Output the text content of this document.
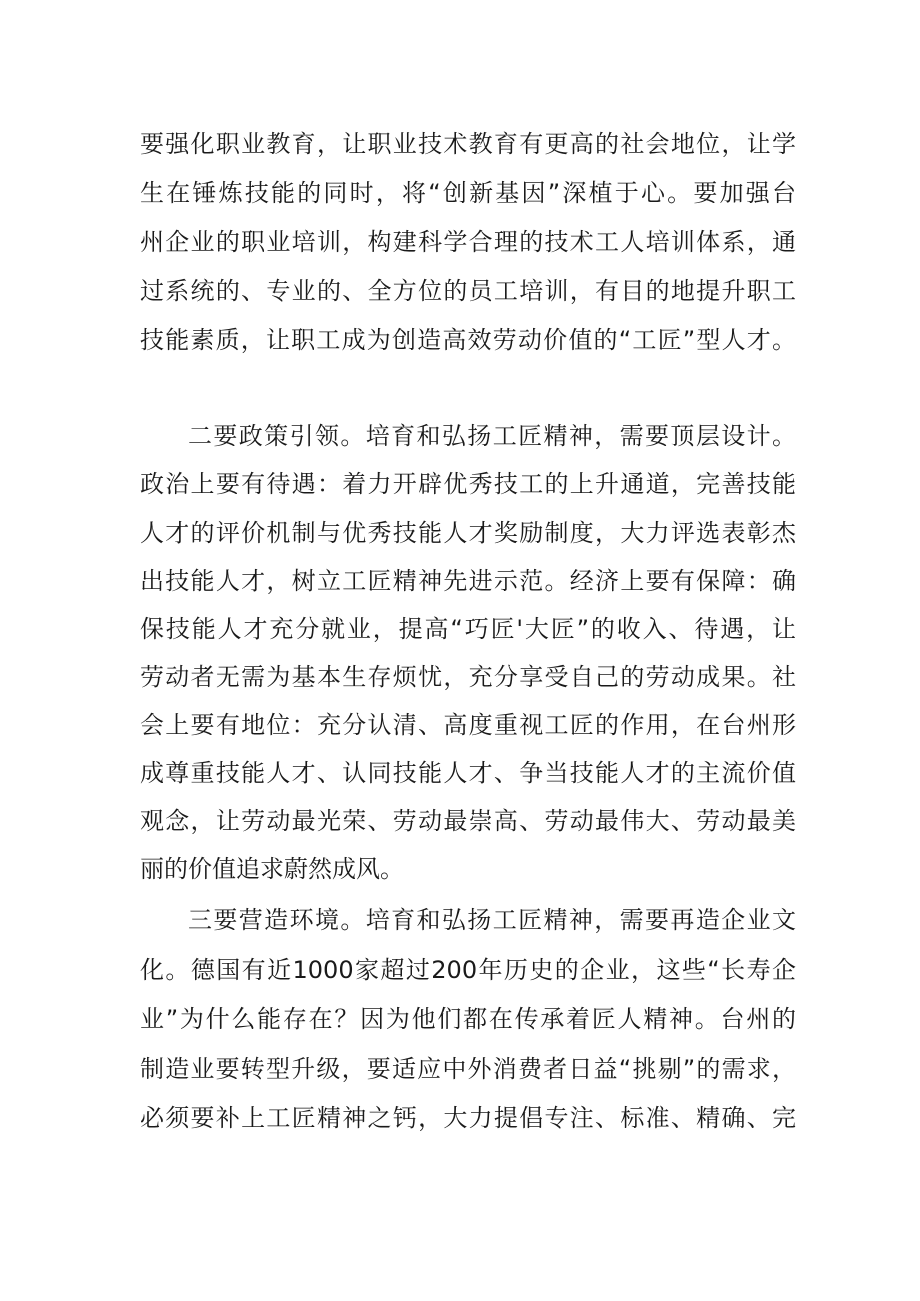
要强化职业教育，让职业技术教育有更高的社会地位，让学

生在锤炼技能的同时，将“创新基因”深植于心。要加强台

州企业的职业培训，构建科学合理的技术工人培训体系，通

过系统的、专业的、全方位的员工培训，有目的地提升职工

技能素质，让职工成为创造高效劳动价值的“工匠”型人才。

二要政策引领。培育和弘扬工匠精神，需要顶层设计。

政治上要有待遇：着力开辟优秀技工的上升通道，完善技能

人才的评价机制与优秀技能人才奖励制度，大力评选表彰杰

出技能人才，树立工匠精神先进示范。经济上要有保障：确

保技能人才充分就业，提高“巧匠'大匠”的收入、待遇，让

劳动者无需为基本生存烦忧，充分享受自己的劳动成果。社

会上要有地位：充分认清、高度重视工匠的作用，在台州形

成尊重技能人才、认同技能人才、争当技能人才的主流价值

观念，让劳动最光荣、劳动最崇高、劳动最伟大、劳动最美

丽的价值追求蔚然成风。

三要营造环境。培育和弘扬工匠精神，需要再造企业文

化。德国有近1000家超过200年历史的企业，这些“长寿企

业”为什么能存在？因为他们都在传承着匠人精神。台州的

制造业要转型升级，要适应中外消费者日益“挑剔”的需求，

必须要补上工匠精神之钙，大力提倡专注、标准、精确、完
